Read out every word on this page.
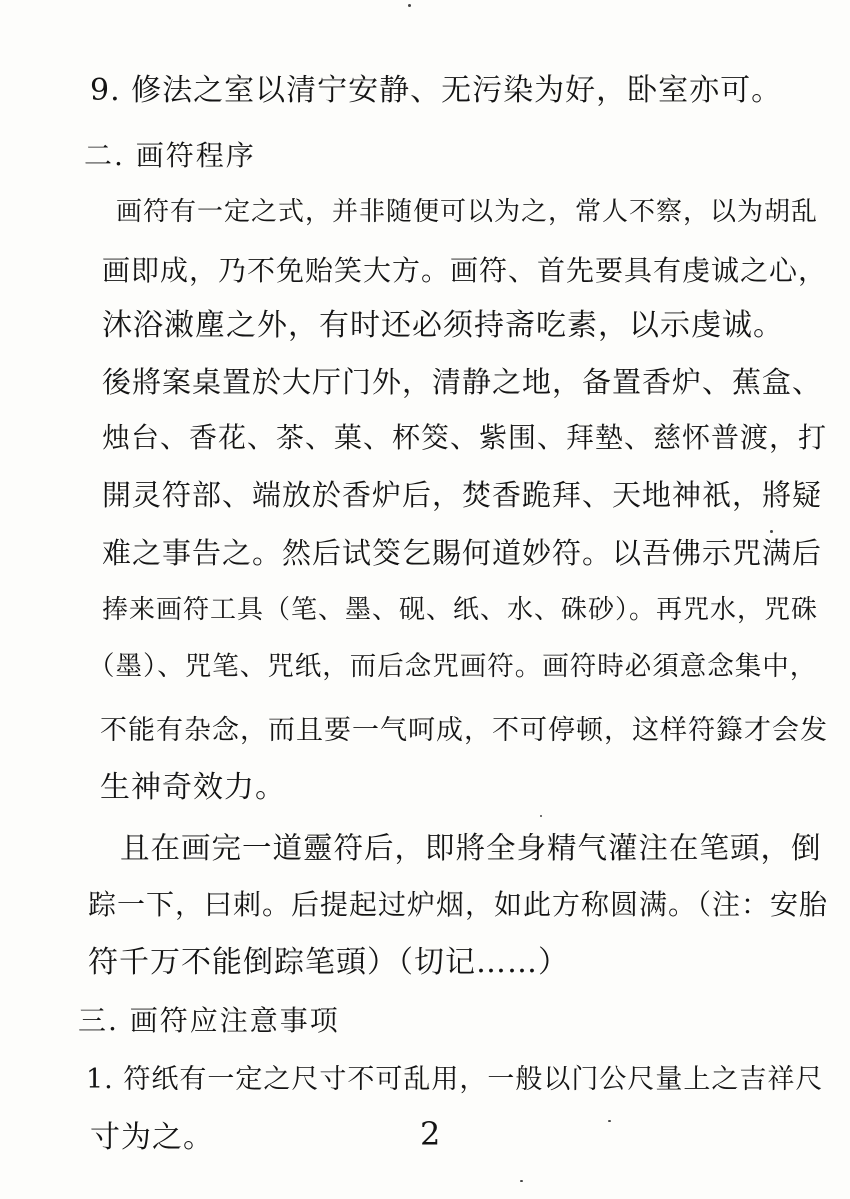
9. 修法之室以清宁安静、无污染为好，卧室亦可。
二. 画符程序
画符有一定之式，并非随便可以为之，常人不察，以为胡乱
画即成，乃不免贻笑大方。画符、首先要具有虔诚之心，
沐浴潄塵之外，有时还必须持斋吃素，以示虔诚。
後將案桌置於大厅门外，清静之地，备置香炉、蕉盒、
烛台、香花、茶、菓、杯筊、紫围、拜墊、慈怀普渡，打
開灵符部、端放於香炉后，焚香跪拜、天地神祇，將疑
难之事告之。然后试筊乞賜何道妙符。以吾佛示咒满后
捧来画符工具（笔、墨、砚、纸、水、硃砂）。再咒水，咒硃
（墨）、咒笔、咒纸，而后念咒画符。画符時必須意念集中，
不能有杂念，而且要一气呵成，不可停顿，这样符籙才会发
生神奇效力。
且在画完一道靈符后，即將全身精气灌注在笔頭，倒
踪一下，曰刺。后提起过炉烟，如此方称圆满。（注：安胎
符千万不能倒踪笔頭）（切记……）
三. 画符应注意事项
1. 符纸有一定之尺寸不可乱用，一般以门公尺量上之吉祥尺
寸为之。	2
